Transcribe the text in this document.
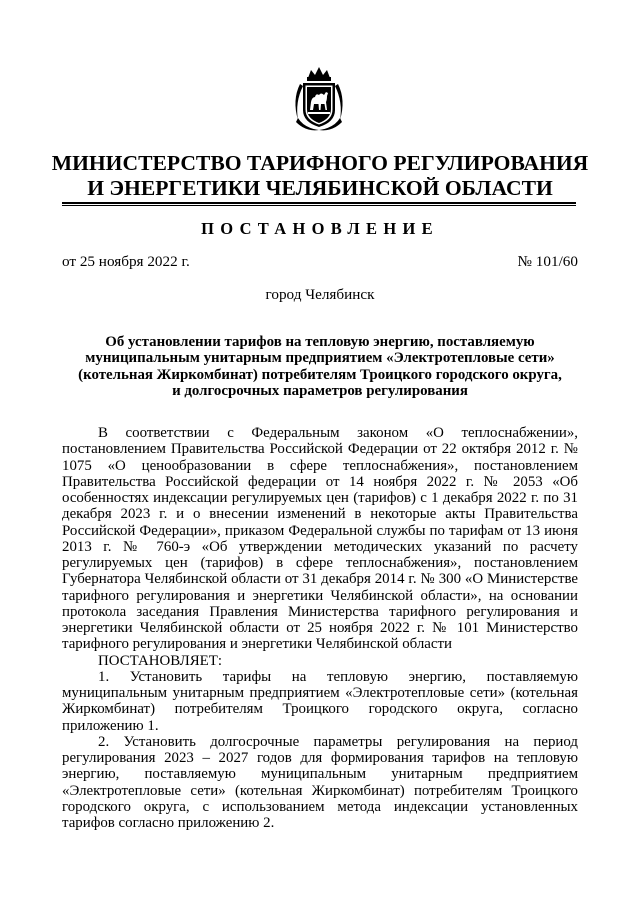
МИНИСТЕРСТВО ТАРИФНОГО РЕГУЛИРОВАНИЯ
И ЭНЕРГЕТИКИ ЧЕЛЯБИНСКОЙ ОБЛАСТИ
ПОСТАНОВЛЕНИЕ
от 25 ноября 2022 г.	№ 101/60
город Челябинск
Об установлении тарифов на тепловую энергию, поставляемую
муниципальным унитарным предприятием «Электротепловые сети»
(котельная Жиркомбинат) потребителям Троицкого городского округа,
и долгосрочных параметров регулирования

В соответствии с Федеральным законом «О теплоснабжении», постановлением Правительства Российской Федерации от 22 октября 2012 г. № 1075 «О ценообразовании в сфере теплоснабжения», постановлением Правительства Российской федерации от 14 ноября 2022 г. № 2053 «Об особенностях индексации регулируемых цен (тарифов) с 1 декабря 2022 г. по 31 декабря 2023 г. и о внесении изменений в некоторые акты Правительства Российской Федерации», приказом Федеральной службы по тарифам от 13 июня 2013 г. № 760-э «Об утверждении методических указаний по расчету регулируемых цен (тарифов) в сфере теплоснабжения», постановлением Губернатора Челябинской области от 31 декабря 2014 г. № 300 «О Министерстве тарифного регулирования и энергетики Челябинской области», на основании протокола заседания Правления Министерства тарифного регулирования и энергетики Челябинской области от 25 ноября 2022 г. № 101 Министерство тарифного регулирования и энергетики Челябинской области

ПОСТАНОВЛЯЕТ:

1. Установить тарифы на тепловую энергию, поставляемую муниципальным унитарным предприятием «Электротепловые сети» (котельная Жиркомбинат) потребителям Троицкого городского округа, согласно приложению 1.

2. Установить долгосрочные параметры регулирования на период регулирования 2023 – 2027 годов для формирования тарифов на тепловую энергию, поставляемую муниципальным унитарным предприятием «Электротепловые сети» (котельная Жиркомбинат) потребителям Троицкого городского округа, с использованием метода индексации установленных тарифов согласно приложению 2.
